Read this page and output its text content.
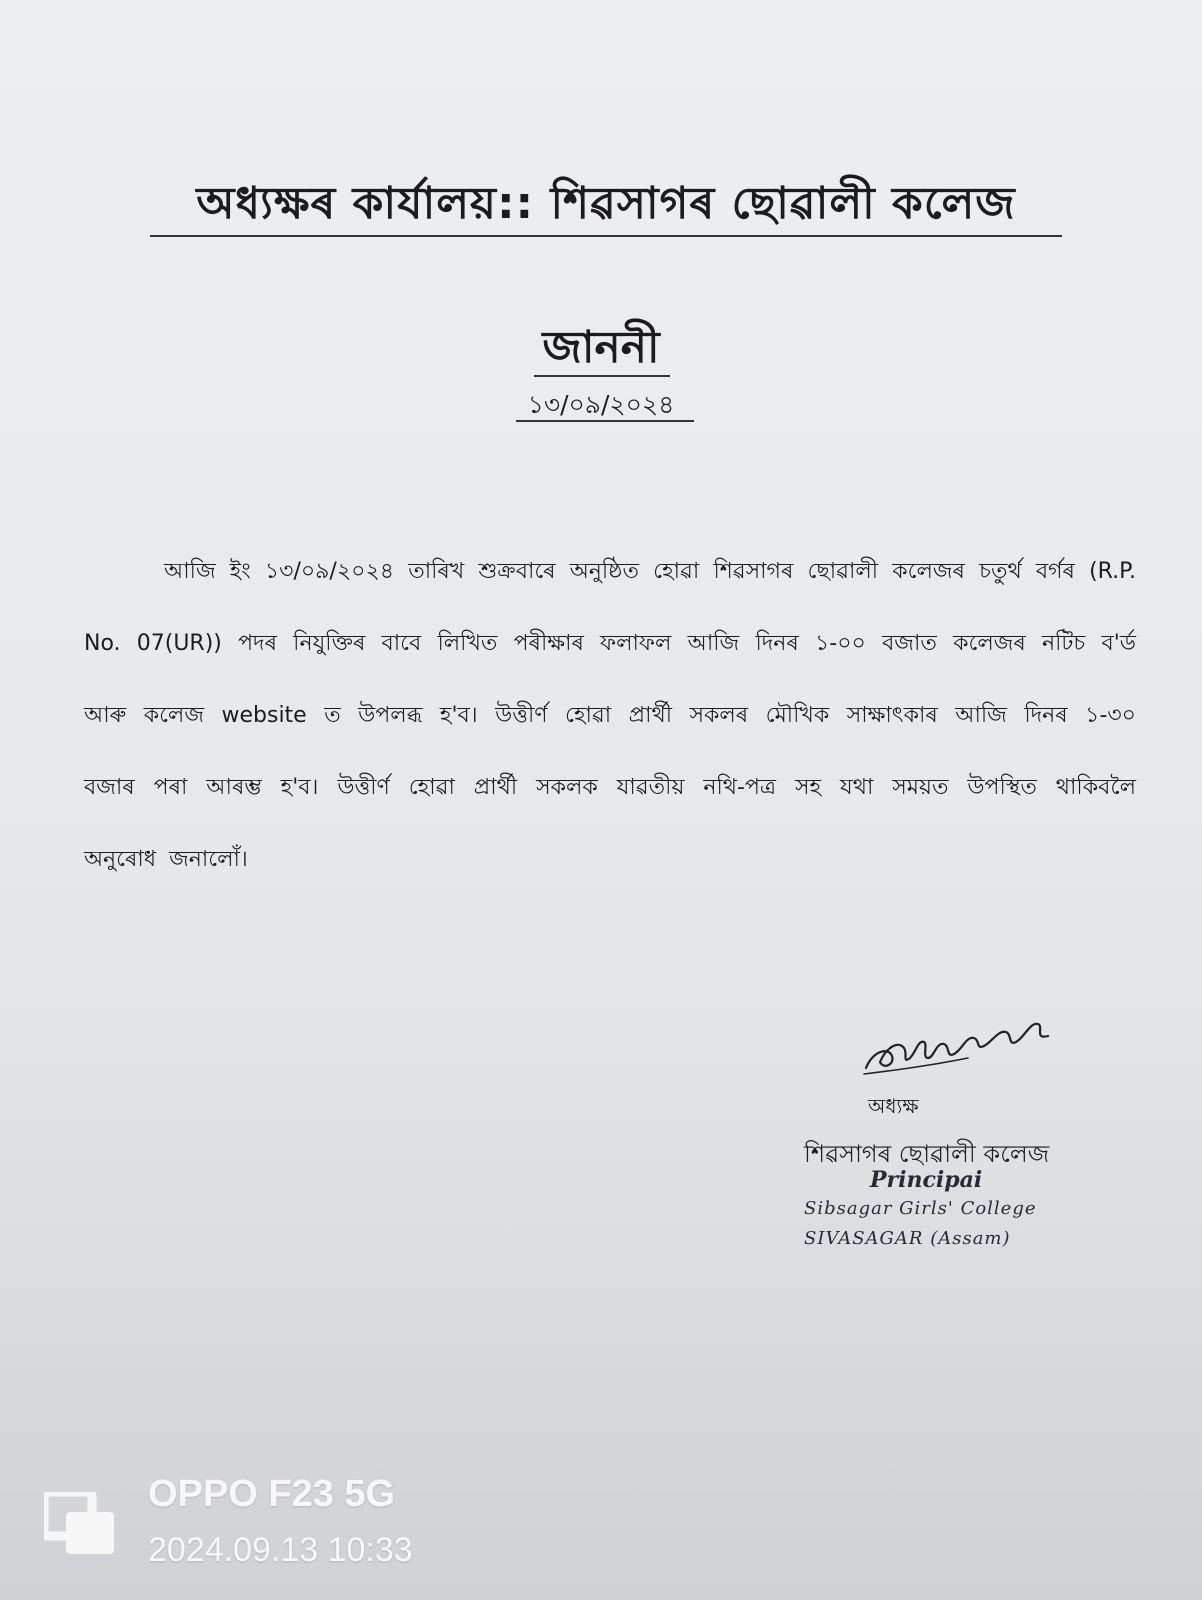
অধ্যক্ষৰ কাৰ্যালয়:: শিৱসাগৰ ছোৱালী কলেজ
জাননী
১৩/০৯/২০২৪
আজি ইং ১৩/০৯/২০২৪ তাৰিখ শুক্রবাৰে অনুষ্ঠিত হোৱা শিৱসাগৰ ছোৱালী কলেজৰ চতুৰ্থ বৰ্গৰ (R.P. No. 07(UR)) পদৰ নিযুক্তিৰ বাবে লিখিত পৰীক্ষাৰ ফলাফল আজি দিনৰ ১-০০ বজাত কলেজৰ নটিচ ব'ৰ্ড আৰু কলেজ website ত উপলব্ধ হ'ব। উত্তীৰ্ণ হোৱা প্ৰাৰ্থী সকলৰ মৌখিক সাক্ষাৎকাৰ আজি দিনৰ ১-৩০ বজাৰ পৰা আৰম্ভ হ'ব। উত্তীৰ্ণ হোৱা প্ৰাৰ্থী সকলক যাৱতীয় নথি-পত্ৰ সহ যথা সময়ত উপস্থিত থাকিবলৈ অনুৰোধ জনালোঁ।
অধ্যক্ষ
শিৱসাগৰ ছোৱালী কলেজ
Principai
Sibsagar Girls' College
SIVASAGAR (Assam)
OPPO F23 5G
2024.09.13 10:33
